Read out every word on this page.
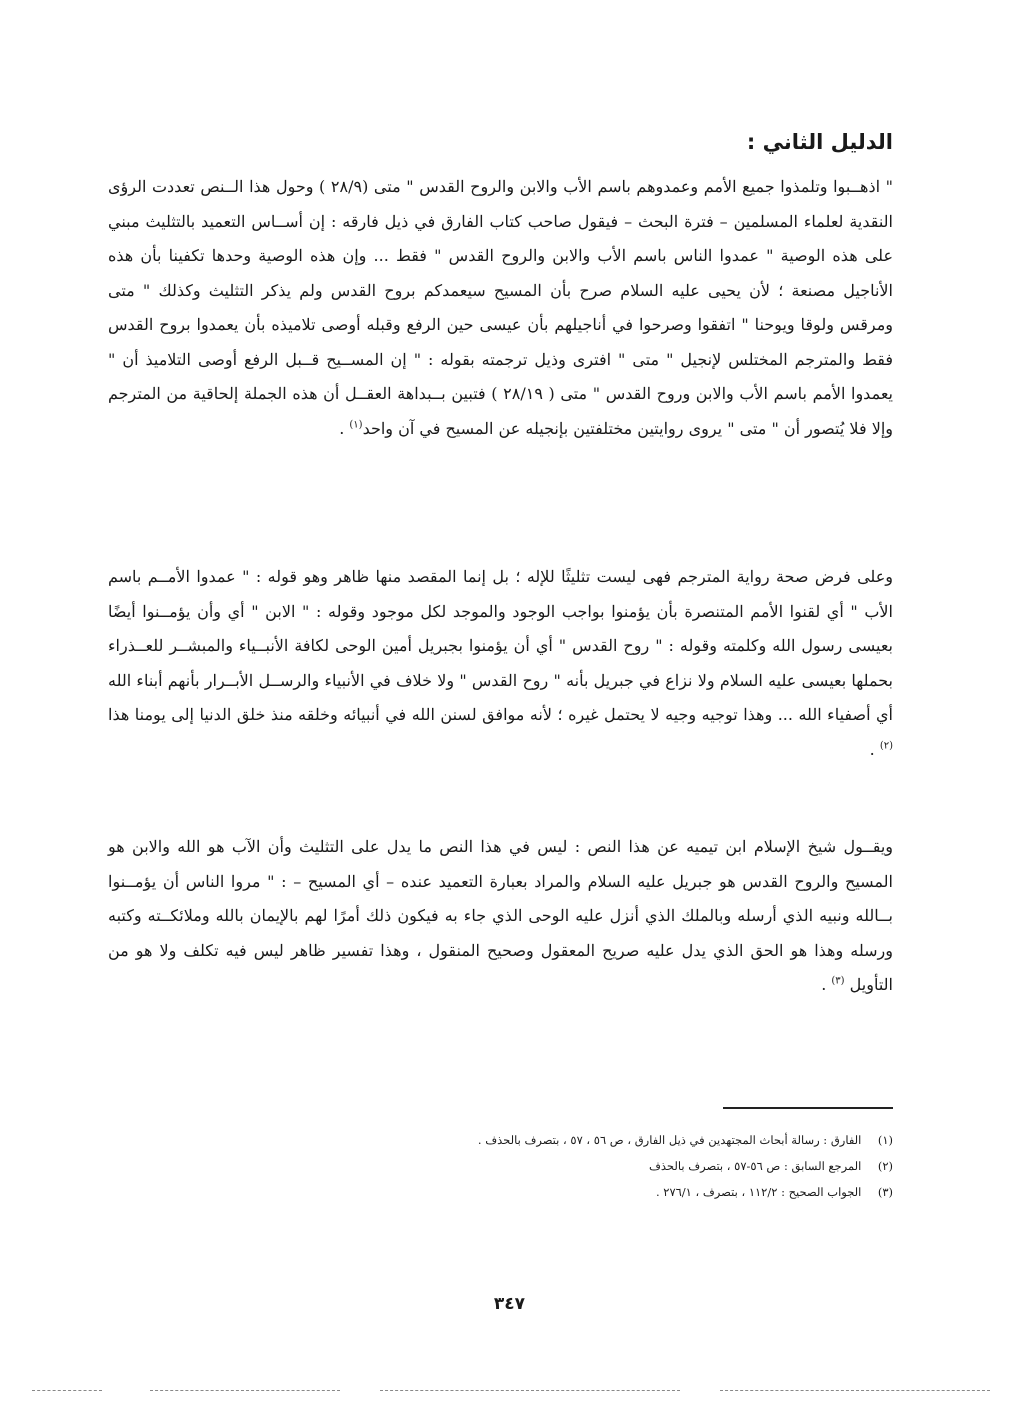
الدليل الثاني :

" اذهــبوا وتلمذوا جميع الأمم وعمدوهم باسم الأب والابن والروح القدس " متى (٢٨/٩ ) وحول هذا الــنص تعددت الرؤى النقدية لعلماء المسلمين – فترة البحث – فيقول صاحب كتاب الفارق في ذيل فارقه : إن أســاس التعميد بالتثليث مبني على هذه الوصية " عمدوا الناس باسم الأب والابن والروح القدس " فقط ... وإن هذه الوصية وحدها تكفينا بأن هذه الأناجيل مصنعة ؛ لأن يحيى عليه السلام صرح بأن المسيح سيعمدكم بروح القدس ولم يذكر التثليث وكذلك " متى ومرقس ولوقا ويوحنا " اتفقوا وصرحوا في أناجيلهم بأن عيسى حين الرفع وقبله أوصى تلاميذه بأن يعمدوا بروح القدس فقط والمترجم المختلس لإنجيل " متى " افترى وذيل ترجمته بقوله : " إن المســيح قــبل الرفع أوصى التلاميذ أن " يعمدوا الأمم باسم الأب والابن وروح القدس " متى ( ٢٨/١٩ ) فتبين بــبداهة العقــل أن هذه الجملة إلحاقية من المترجم وإلا فلا يُتصور أن " متى " يروى روايتين مختلفتين بإنجيله عن المسيح في آن واحد$^{(١)}$ .

وعلى فرض صحة رواية المترجم فهى ليست تثليثًا للإله ؛ بل إنما المقصد منها ظاهر وهو قوله : " عمدوا الأمــم باسم الأب " أي لقنوا الأمم المتنصرة بأن يؤمنوا بواجب الوجود والموجد لكل موجود وقوله : " الابن " أي وأن يؤمــنوا أيضًا بعيسى رسول الله وكلمته وقوله : " روح القدس " أي أن يؤمنوا بجبريل أمين الوحى لكافة الأنبــياء والمبشــر للعــذراء بحملها بعيسى عليه السلام ولا نزاع في جبريل بأنه " روح القدس " ولا خلاف في الأنبياء والرســل الأبــرار بأنهم أبناء الله أي أصفياء الله ... وهذا توجيه وجيه لا يحتمل غيره ؛ لأنه موافق لسنن الله في أنبيائه وخلقه منذ خلق الدنيا إلى يومنا هذا $^{(٢)}$ .

ويقــول شيخ الإسلام ابن تيميه عن هذا النص : ليس في هذا النص ما يدل على التثليث وأن الآب هو الله والابن هو المسيح والروح القدس هو جبريل عليه السلام والمراد بعبارة التعميد عنده – أي المسيح – : " مروا الناس أن يؤمــنوا بــالله ونبيه الذي أرسله وبالملك الذي أنزل عليه الوحى الذي جاء به فيكون ذلك أمرًا لهم بالإيمان بالله وملائكــته وكتبه ورسله وهذا هو الحق الذي يدل عليه صريح المعقول وصحيح المنقول ، وهذا تفسير ظاهر ليس فيه تكلف ولا هو من التأويل $^{(٣)}$ .

(١) الفارق : رسالة أبحاث المجتهدين في ذيل الفارق ، ص ٥٦ ، ٥٧ ، بتصرف بالحذف .
(٢) المرجع السابق : ص ٥٦-٥٧ ، بتصرف بالحذف
(٣) الجواب الصحيح : ١١٢/٢ ، بتصرف ، ٢٧٦/١ .
٣٤٧
